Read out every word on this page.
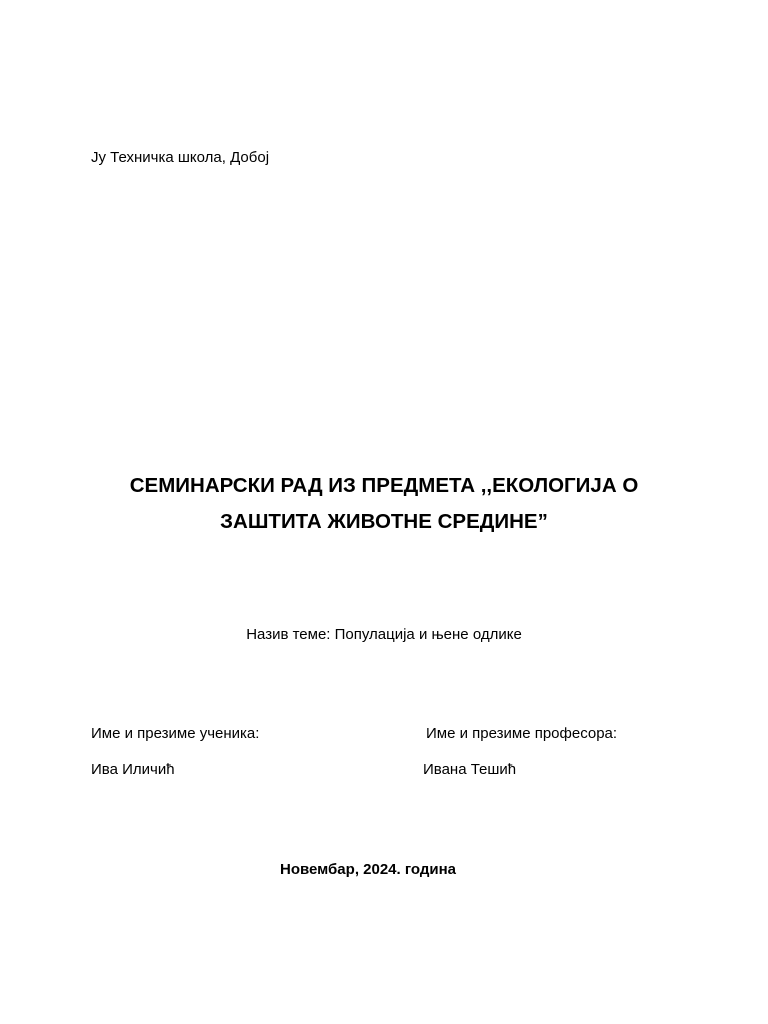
Ју Техничка школа, Добој
СЕМИНАРСКИ РАД ИЗ ПРЕДМЕТА ,,ЕКОЛОГИЈА О
ЗАШТИТА ЖИВОТНЕ СРЕДИНЕ”
Назив теме: Популација и њене одлике
Име и презиме ученика:	Име и презиме професора:
Ива Иличић	Ивана Тешић
Новембар, 2024. година
